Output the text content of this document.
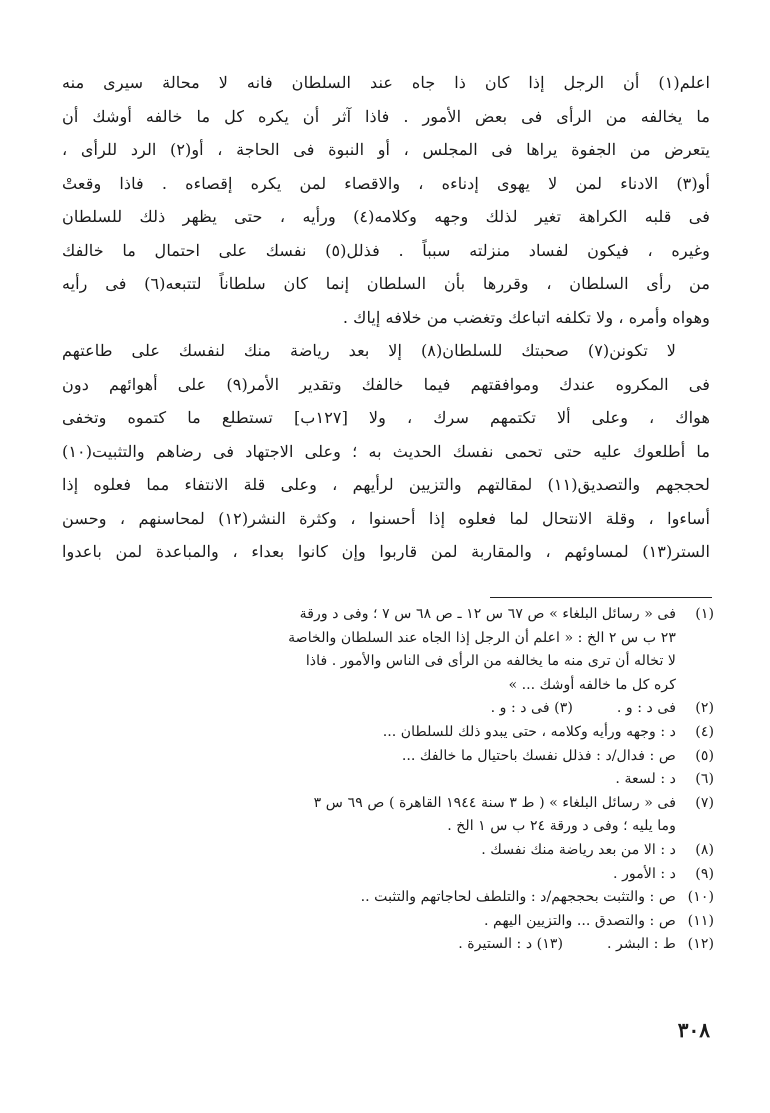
اعلم(١) أن الرجل إذا كان ذا جاه عند السلطان فانه لا محالة سيرى منه
ما يخالفه من الرأى فى بعض الأمور . فاذا آثر أن يكره كل ما خالفه أوشك أن
يتعرض من الجفوة يراها فى المجلس ، أو النبوة فى الحاجة ، أو(٢) الرد للرأى ،
أو(٣) الادناء لمن لا يهوى إدناءه ، والاقصاء لمن يكره إقصاءه . فاذا وقعتْ
فى قلبه الكراهة تغير لذلك وجهه وكلامه(٤) ورأيه ، حتى يظهر ذلك للسلطان
وغيره ، فيكون لفساد منزلته سبباً . فذلل(٥) نفسك على احتمال ما خالفك
من رأى السلطان ، وقررها بأن السلطان إنما كان سلطاناً لتتبعه(٦) فى رأيه
وهواه وأمره ، ولا تكلفه اتباعك وتغضب من خلافه إياك .
لا تكونن(٧) صحبتك للسلطان(٨) إلا بعد رياضة منك لنفسك على طاعتهم
فى المكروه عندك وموافقتهم فيما خالفك وتقدير الأمر(٩) على أهوائهم دون
هواك ، وعلى ألا تكتمهم سرك ، ولا [١٢٧ب] تستطلع ما كتموه وتخفى
ما أطلعوك عليه حتى تحمى نفسك الحديث به ؛ وعلى الاجتهاد فى رضاهم والتثبيت(١٠)
لحججهم والتصديق(١١) لمقالتهم والتزيين لرأيهم ، وعلى قلة الانتفاء مما فعلوه إذا
أساءوا ، وقلة الانتحال لما فعلوه إذا أحسنوا ، وكثرة النشر(١٢) لمحاسنهم ، وحسن
الستر(١٣) لمساوئهم ، والمقاربة لمن قاربوا وإن كانوا بعداء ، والمباعدة لمن باعدوا
(١)
فى « رسائل البلغاء » ص ٦٧ س ١٢ ـ ص ٦٨ س ٧ ؛ وفى د ورقة
٢٣ ب س ٢ الخ : « اعلم أن الرجل إذا الجاه عند السلطان والخاصة
لا تخاله أن ترى منه ما يخالفه من الرأى فى الناس والأمور . فاذا
كره كل ما خالفه أوشك ... »
(٢)
فى د : و .(٣) فى د : و .
(٤)
د : وجهه ورأيه وكلامه ، حتى يبدو ذلك للسلطان ...
(٥)
ص : فدال/د : فذلل نفسك باحتيال ما خالفك ...
(٦)
د : لسعة .
(٧)
فى « رسائل البلغاء » ( ط ٣ سنة ١٩٤٤ القاهرة ) ص ٦٩ س ٣
وما يليه ؛ وفى د ورقة ٢٤ ب س ١ الخ .
(٨)
د : الا من بعد رياضة منك نفسك .
(٩)
د : الأمور .
(١٠)
ص : والتثبت بحججهم/د : والتلطف لحاجاتهم والتثبت ..
(١١)
ص : والتصدق ... والتزيين اليهم .
(١٢)
ط : البشر .(١٣) د : الستيرة .
٣٠٨
